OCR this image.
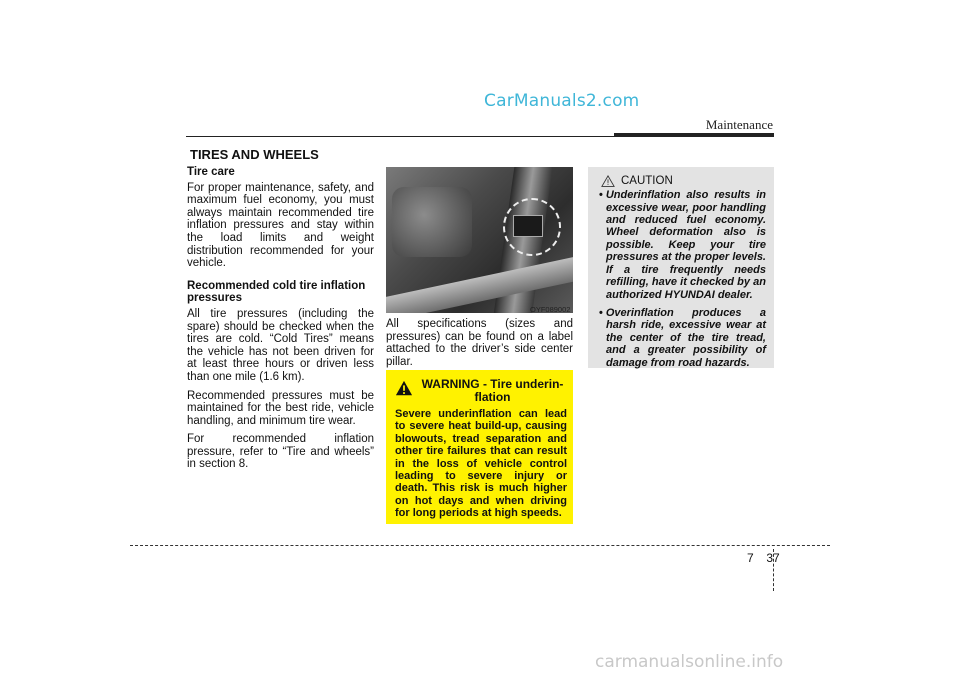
CarManuals2.com
Maintenance
TIRES AND WHEELS
Tire care

For proper maintenance, safety, and maximum fuel economy, you must always maintain recommended tire inflation pressures and stay within the load limits and weight distribution recommended for your vehicle.

Recommended cold tire inflation pressures

All tire pressures (including the spare) should be checked when the tires are cold. “Cold Tires” means the vehicle has not been driven for at least three hours or driven less than one mile (1.6 km).

Recommended pressures must be maintained for the best ride, vehicle handling, and minimum tire wear.

For recommended inflation pressure, refer to “Tire and wheels” in section 8.

OYF089002

All specifications (sizes and pressures) can be found on a label attached to the driver’s side center pillar.

WARNING - Tire underin-flation
Severe underinflation can lead to severe heat build-up, causing blowouts, tread separation and other tire failures that can result in the loss of vehicle control leading to severe injury or death. This risk is much higher on hot days and when driving for long periods at high speeds.
CAUTION
• Underinflation also results in excessive wear, poor handling and reduced fuel economy. Wheel deformation also is possible. Keep your tire pressures at the proper levels. If a tire frequently needs refilling, have it checked by an authorized HYUNDAI dealer.
• Overinflation produces a harsh ride, excessive wear at the center of the tire tread, and a greater possibility of damage from road hazards.
7 37
carmanualsonline.info
